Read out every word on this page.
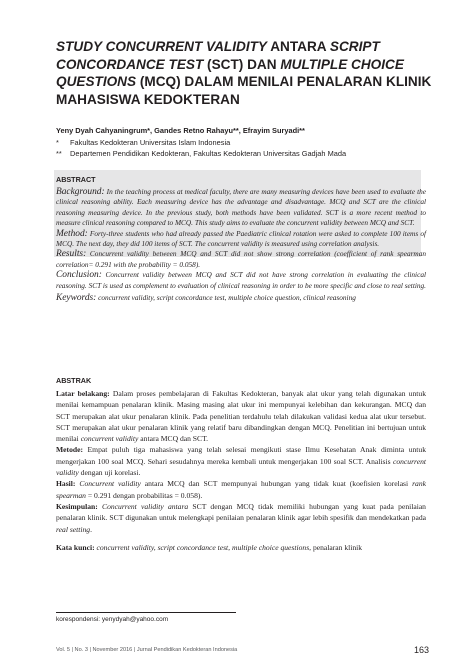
STUDY CONCURRENT VALIDITY ANTARA SCRIPT CONCORDANCE TEST (SCT) DAN MULTIPLE CHOICE QUESTIONS (MCQ) DALAM MENILAI PENALARAN KLINIK MAHASISWA KEDOKTERAN
Yeny Dyah Cahyaningrum*, Gandes Retno Rahayu**, Efrayim Suryadi**
* Fakultas Kedokteran Universitas Islam Indonesia
** Departemen Pendidikan Kedokteran, Fakultas Kedokteran Universitas Gadjah Mada
ABSTRACT

Background: In the teaching process at medical faculty, there are many measuring devices have been used to evaluate the clinical reasoning ability. Each measuring device has the advantage and disadvantage. MCQ and SCT are the clinical reasoning measuring device. In the previous study, both methods have been validated. SCT is a more recent method to measure clinical reasoning compared to MCQ. This study aims to evaluate the concurrent validity between MCQ and SCT.

Method: Forty-three students who had already passed the Paediatric clinical rotation were asked to complete 100 items of MCQ. The next day, they did 100 items of SCT. The concurrent validity is measured using correlation analysis.

Results: Concurrent validity between MCQ and SCT did not show strong correlation (coefficient of rank spearman correlation= 0.291 with the probability = 0.058).

Conclusion: Concurrent validity between MCQ and SCT did not have strong correlation in evaluating the clinical reasoning. SCT is used as complement to evaluation of clinical reasoning in order to be more specific and close to real setting.

Keywords: concurrent validity, script concordance test, multiple choice question, clinical reasoning
ABSTRAK

Latar belakang: Dalam proses pembelajaran di Fakultas Kedokteran, banyak alat ukur yang telah digunakan untuk menilai kemampuan penalaran klinik. Masing masing alat ukur ini mempunyai kelebihan dan kekurangan. MCQ dan SCT merupakan alat ukur penalaran klinik. Pada penelitian terdahulu telah dilakukan validasi kedua alat ukur tersebut. SCT merupakan alat ukur penalaran klinik yang relatif baru dibandingkan dengan MCQ. Penelitian ini bertujuan untuk menilai concurrent validity antara MCQ dan SCT.

Metode: Empat puluh tiga mahasiswa yang telah selesai mengikuti stase Ilmu Kesehatan Anak diminta untuk mengerjakan 100 soal MCQ. Sehari sesudahnya mereka kembali untuk mengerjakan 100 soal SCT. Analisis concurrent validity dengan uji korelasi.

Hasil: Concurrent validity antara MCQ dan SCT mempunyai hubungan yang tidak kuat (koefisien korelasi rank spearman = 0.291 dengan probabilitas = 0.058).

Kesimpulan: Concurrent validity antara SCT dengan MCQ tidak memiliki hubungan yang kuat pada penilaian penalaran klinik. SCT digunakan untuk melengkapi penilaian penalaran klinik agar lebih spesifik dan mendekatkan pada real setting.

Kata kunci: concurrent validity, script concordance test, multiple choice questions, penalaran klinik

korespondensi: yenydyah@yahoo.com
Vol. 5 | No. 3 | November 2016 | Jurnal Pendidikan Kedokteran Indonesia	163
